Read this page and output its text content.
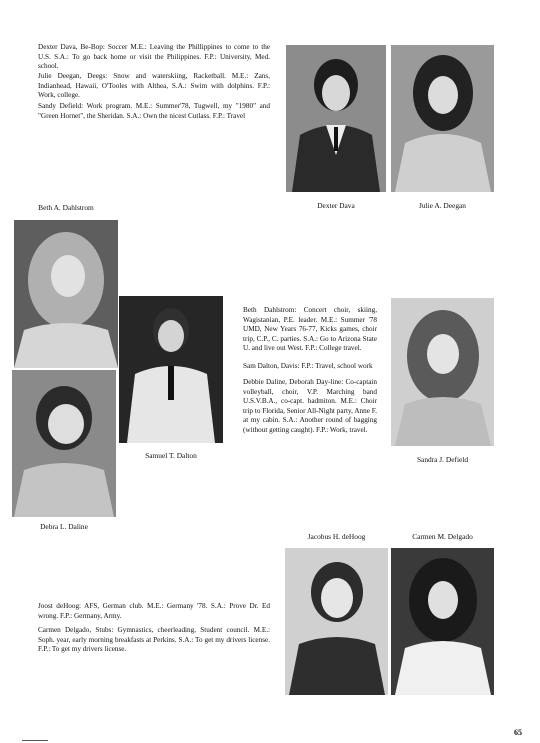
Dexter Dava, Be-Bop: Soccer M.E.: Leaving the Phillippines to come to the U.S. S.A.: To go back home or visit the Philippines. F.P.: University, Med. school.

Julie Deegan, Deegs: Snow and waterskiing, Racketball. M.E.: Zans, Indianhead, Hawaii, O'Tooles with Althea, S.A.: Swim with dolphins. F.P.: Work, college.

Sandy Defield: Work program. M.E.: Summer'78, Tugwell, my "1980" and "Green Hornet", the Sheridan. S.A.: Own the nicest Cutlass. F.P.: Travel

Beth Dahlstrom: Concert choir, skiing, Wagistanian, P.E. leader. M.E.: Summer '78 UMD, New Years 76-77, Kicks games, choir trip, C.P., C. parties. S.A.: Go to Arizona State U. and live out West. F.P.: College travel.

Sam Dalton, Davis: F.P.: Travel, school work

Debbie Daline, Deborah Day-line: Co-captain volleyball, choir, V.P. Marching band U.S.V.B.A., co-capt. badmiton. M.E.: Choir trip to Florida, Senior All-Night party, Anne F. at my cabin. S.A.: Another round of bagging (without getting caught). F.P.: Work, travel.

Joost deHoog: AFS, German club. M.E.: Germany '78. S.A.: Prove Dr. Ed wrong. F.P.: Germany, Army.

Carmen Delgado, Stubs: Gymnastics, cheerleading, Student council. M.E.: Soph. year, early morning breakfasts at Perkins. S.A.: To get my drivers license. F.P.: To get my drivers license.

Dexter Dava	Julie A. Deegan
Beth A. Dahlstrom
Samuel T. Dalton	Sandra J. Defield
Debra L. Daline
Jacobus H. deHoog	Carmen M. Delgado
65
